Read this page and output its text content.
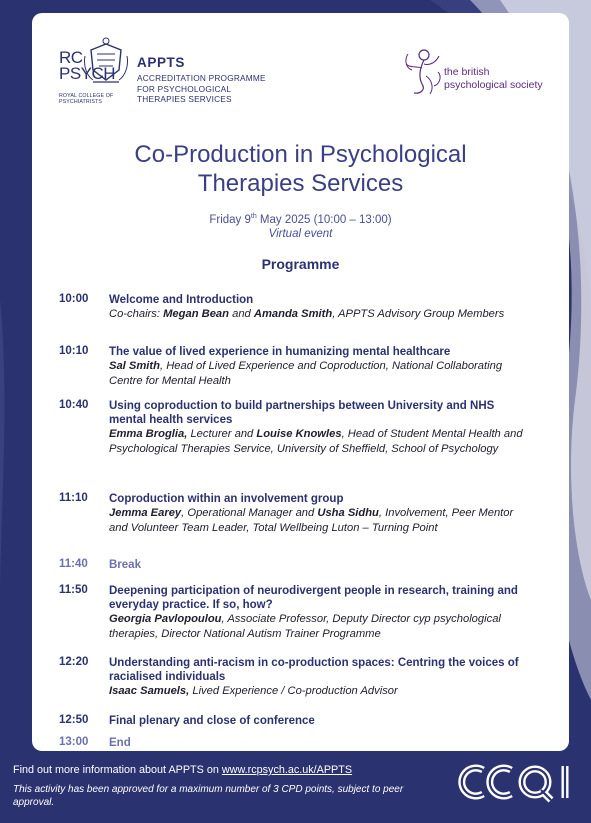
RC
PSYCH
ROYAL COLLEGE OF
PSYCHIATRISTS
APPTS
ACCREDITATION PROGRAMME
FOR PSYCHOLOGICAL
THERAPIES SERVICES
the british
psychological society
Co-Production in Psychological
Therapies Services
Friday 9th May 2025 (10:00 – 13:00)
Virtual event
Programme
10:00	Welcome and Introduction
Co-chairs: Megan Bean and Amanda Smith, APPTS Advisory Group Members
10:10	The value of lived experience in humanizing mental healthcare
Sal Smith, Head of Lived Experience and Coproduction, National Collaborating Centre for Mental Health
10:40	Using coproduction to build partnerships between University and NHS mental health services
Emma Broglia, Lecturer and Louise Knowles, Head of Student Mental Health and Psychological Therapies Service, University of Sheffield, School of Psychology
11:10	Coproduction within an involvement group
Jemma Earey, Operational Manager and Usha Sidhu, Involvement, Peer Mentor and Volunteer Team Leader, Total Wellbeing Luton – Turning Point
11:40	Break
11:50	Deepening participation of neurodivergent people in research, training and everyday practice. If so, how?
Georgia Pavlopoulou, Associate Professor, Deputy Director cyp psychological therapies, Director National Autism Trainer Programme
12:20	Understanding anti-racism in co-production spaces: Centring the voices of racialised individuals
Isaac Samuels, Lived Experience / Co-production Advisor
12:50	Final plenary and close of conference
13:00	End
Find out more information about APPTS on www.rcpsych.ac.uk/APPTS
This activity has been approved for a maximum number of 3 CPD points, subject to peer approval.
CCQI
